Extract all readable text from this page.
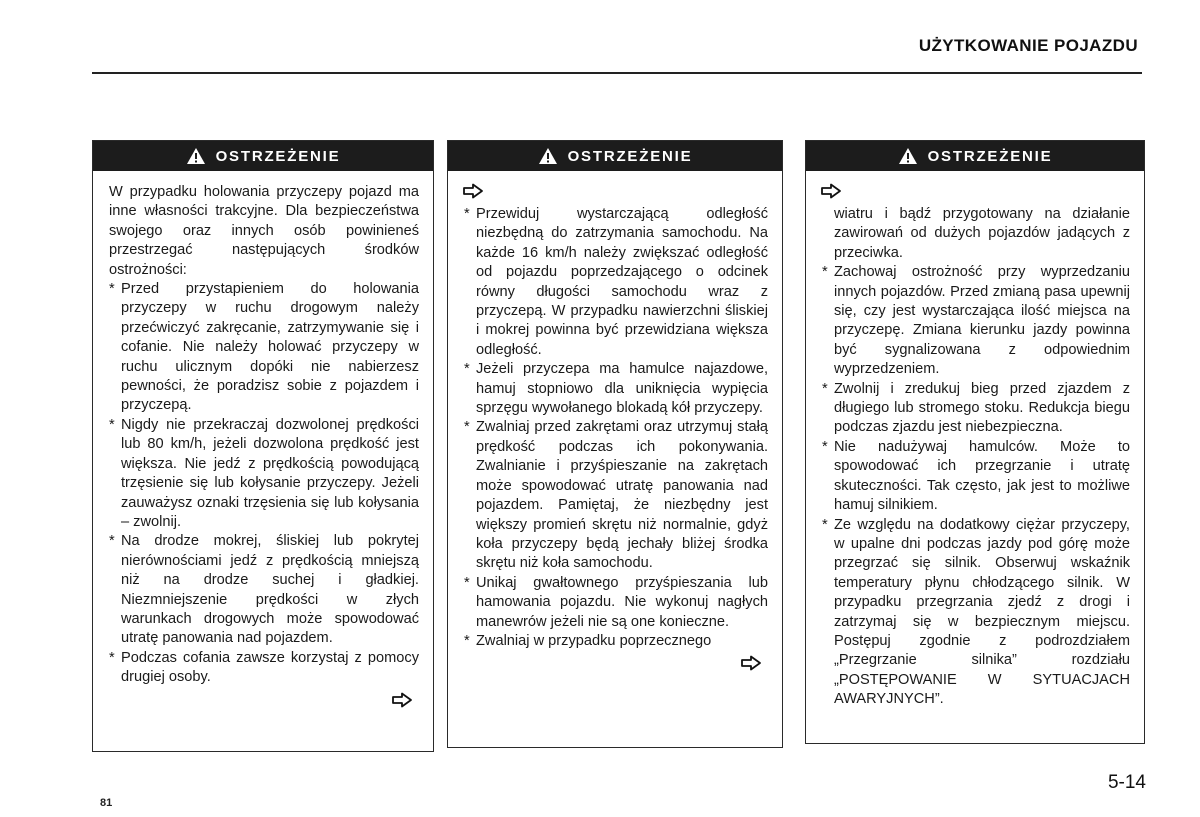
UŻYTKOWANIE POJAZDU
OSTRZEŻENIE

W przypadku holowania przyczepy pojazd ma inne własności trakcyjne. Dla bezpieczeństwa swojego oraz innych osób powinieneś przestrzegać następujących środków ostrożności:

* Przed przystapieniem do holowania przyczepy w ruchu drogowym należy przećwiczyć zakręcanie, zatrzymywanie się i cofanie. Nie należy holować przyczepy w ruchu ulicznym dopóki nie nabierzesz pewności, że poradzisz sobie z pojazdem i przyczepą.
* Nigdy nie przekraczaj dozwolonej prędkości lub 80 km/h, jeżeli dozwolona prędkość jest większa. Nie jedź z prędkością powodującą trzęsienie się lub kołysanie przyczepy. Jeżeli zauważysz oznaki trzęsienia się lub kołysania – zwolnij.
* Na drodze mokrej, śliskiej lub pokrytej nierównościami jedź z prędkością mniejszą niż na drodze suchej i gładkiej. Niezmniejszenie prędkości w złych warunkach drogowych może spowodować utratę panowania nad pojazdem.
* Podczas cofania zawsze korzystaj z pomocy drugiej osoby.
OSTRZEŻENIE
* Przewiduj wystarczającą odległość niezbędną do zatrzymania samochodu. Na każde 16 km/h należy zwiększać odległość od pojazdu poprzedzającego o odcinek równy długości samochodu wraz z przyczepą. W przypadku nawierzchni śliskiej i mokrej powinna być przewidziana większa odległość.
* Jeżeli przyczepa ma hamulce najazdowe, hamuj stopniowo dla uniknięcia wypięcia sprzęgu wywołanego blokadą kół przyczepy.
* Zwalniaj przed zakrętami oraz utrzymuj stałą prędkość podczas ich pokonywania. Zwalnianie i przyśpieszanie na zakrętach może spowodować utratę panowania nad pojazdem. Pamiętaj, że niezbędny jest większy promień skrętu niż normalnie, gdyż koła przyczepy będą jechały bliżej środka skrętu niż koła samochodu.
* Unikaj gwałtownego przyśpieszania lub hamowania pojazdu. Nie wykonuj nagłych manewrów jeżeli nie są one konieczne.
* Zwalniaj w przypadku poprzecznego
OSTRZEŻENIE
wiatru i bądź przygotowany na działanie zawirowań od dużych pojazdów jadących z przeciwka.
* Zachowaj ostrożność przy wyprzedzaniu innych pojazdów. Przed zmianą pasa upewnij się, czy jest wystarczająca ilość miejsca na przyczepę. Zmiana kierunku jazdy powinna być sygnalizowana z odpowiednim wyprzedzeniem.
* Zwolnij i zredukuj bieg przed zjazdem z długiego lub stromego stoku. Redukcja biegu podczas zjazdu jest niebezpieczna.
* Nie nadużywaj hamulców. Może to spowodować ich przegrzanie i utratę skuteczności. Tak często, jak jest to możliwe hamuj silnikiem.
* Ze względu na dodatkowy ciężar przyczepy, w upalne dni podczas jazdy pod górę może przegrzać się silnik. Obserwuj wskaźnik temperatury płynu chłodzącego silnik. W przypadku przegrzania zjedź z drogi i zatrzymaj się w bezpiecznym miejscu. Postępuj zgodnie z podrozdziałem „Przegrzanie silnika” rozdziału „POSTĘPOWANIE W SYTUACJACH AWARYJNYCH”.
5-14
81
